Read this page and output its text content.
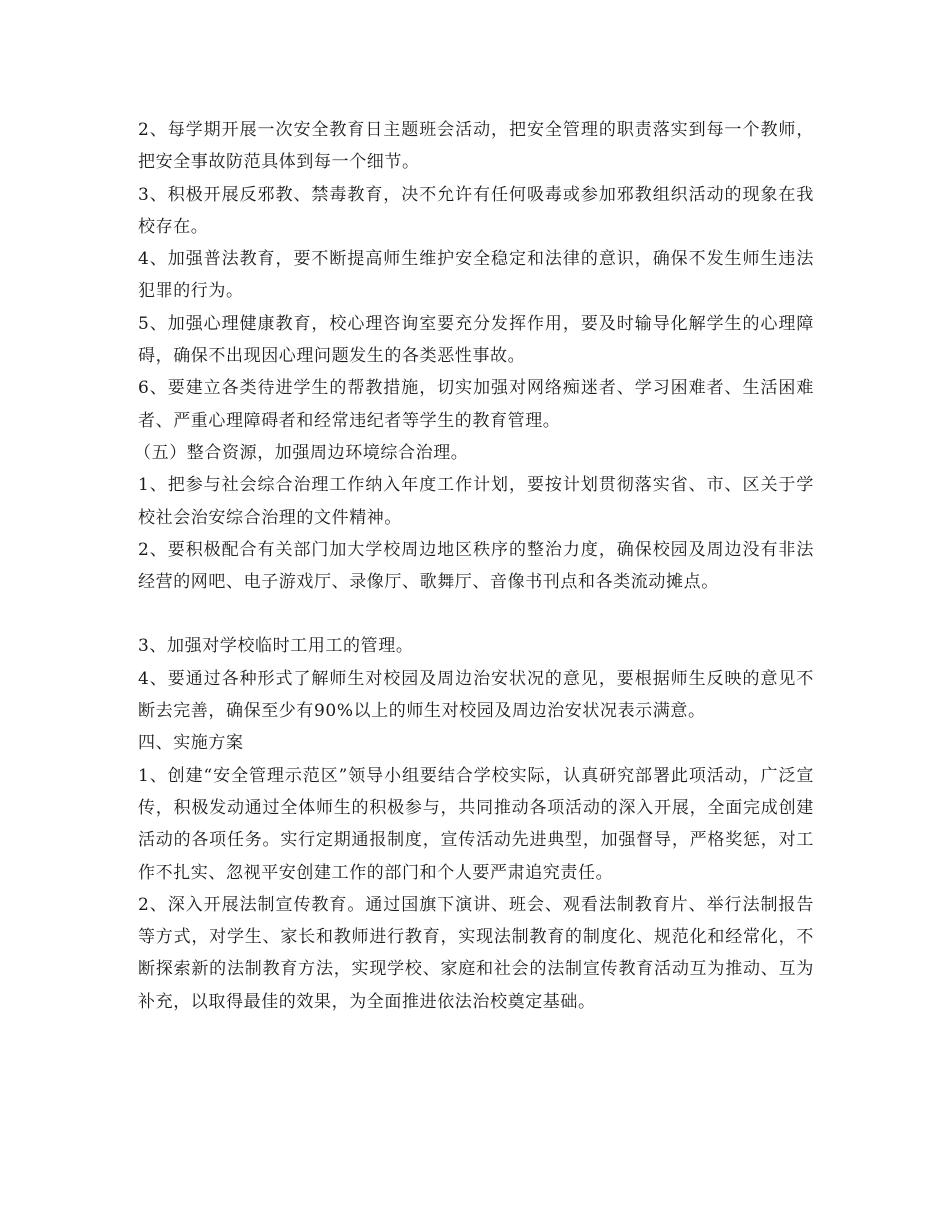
2、每学期开展一次安全教育日主题班会活动，把安全管理的职责落实到每一个教师，把安全事故防范具体到每一个细节。

3、积极开展反邪教、禁毒教育，决不允许有任何吸毒或参加邪教组织活动的现象在我校存在。

4、加强普法教育，要不断提高师生维护安全稳定和法律的意识，确保不发生师生违法犯罪的行为。

5、加强心理健康教育，校心理咨询室要充分发挥作用，要及时输导化解学生的心理障碍，确保不出现因心理问题发生的各类恶性事故。

6、要建立各类待进学生的帮教措施，切实加强对网络痴迷者、学习困难者、生活困难者、严重心理障碍者和经常违纪者等学生的教育管理。

（五）整合资源，加强周边环境综合治理。

1、把参与社会综合治理工作纳入年度工作计划，要按计划贯彻落实省、市、区关于学校社会治安综合治理的文件精神。

2、要积极配合有关部门加大学校周边地区秩序的整治力度，确保校园及周边没有非法经营的网吧、电子游戏厅、录像厅、歌舞厅、音像书刊点和各类流动摊点。

3、加强对学校临时工用工的管理。

4、要通过各种形式了解师生对校园及周边治安状况的意见，要根据师生反映的意见不断去完善，确保至少有90%以上的师生对校园及周边治安状况表示满意。

四、实施方案

1、创建“安全管理示范区”领导小组要结合学校实际，认真研究部署此项活动，广泛宣传，积极发动通过全体师生的积极参与，共同推动各项活动的深入开展，全面完成创建活动的各项任务。实行定期通报制度，宣传活动先进典型，加强督导，严格奖惩，对工作不扎实、忽视平安创建工作的部门和个人要严肃追究责任。

2、深入开展法制宣传教育。通过国旗下演讲、班会、观看法制教育片、举行法制报告等方式，对学生、家长和教师进行教育，实现法制教育的制度化、规范化和经常化，不断探索新的法制教育方法，实现学校、家庭和社会的法制宣传教育活动互为推动、互为补充，以取得最佳的效果，为全面推进依法治校奠定基础。
